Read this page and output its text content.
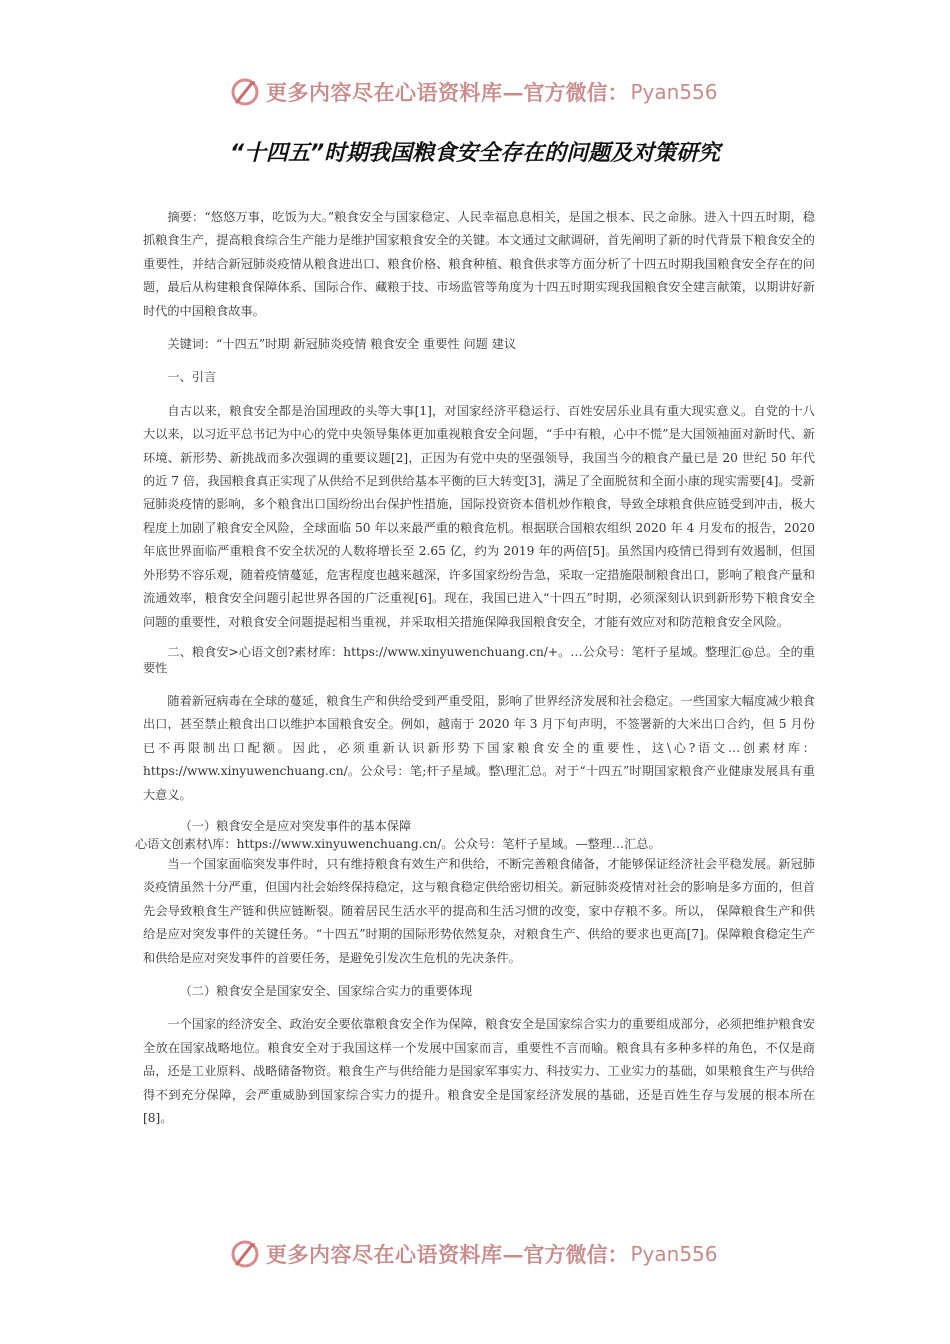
更多内容尽在心语资料库 — 官方微信： Pyan556
“十四五”时期我国粮食安全存在的问题及对策研究

摘要：“悠悠万事，吃饭为大。”粮食安全与国家稳定、人民幸福息息相关，是国之根本、民之命脉。进入十四五时期，稳抓粮食生产，提高粮食综合生产能力是维护国家粮食安全的关键。本文通过文献调研，首先阐明了新的时代背景下粮食安全的重要性，并结合新冠肺炎疫情从粮食进出口、粮食价格、粮食种植、粮食供求等方面分析了十四五时期我国粮食安全存在的问题，最后从构建粮食保障体系、国际合作、藏粮于技、市场监管等角度为十四五时期实现我国粮食安全建言献策，以期讲好新时代的中国粮食故事。

关键词：“十四五”时期 新冠肺炎疫情 粮食安全 重要性 问题 建议

一、引言

自古以来，粮食安全都是治国理政的头等大事[1]，对国家经济平稳运行、百姓安居乐业具有重大现实意义。自党的十八大以来，以习近平总书记为中心的党中央领导集体更加重视粮食安全问题，“手中有粮，心中不慌”是大国领袖面对新时代、新环境、新形势、新挑战而多次强调的重要议题[2]，正因为有党中央的坚强领导，我国当今的粮食产量已是 20 世纪 50 年代的近 7 倍，我国粮食真正实现了从供给不足到供给基本平衡的巨大转变[3]，满足了全面脱贫和全面小康的现实需要[4]。受新冠肺炎疫情的影响，多个粮食出口国纷纷出台保护性措施，国际投资资本借机炒作粮食，导致全球粮食供应链受到冲击，极大程度上加剧了粮食安全风险，全球面临 50 年以来最严重的粮食危机。根据联合国粮农组织 2020 年 4 月发布的报告，2020 年底世界面临严重粮食不安全状况的人数将增长至 2.65 亿，约为 2019 年的两倍[5]。虽然国内疫情已得到有效遏制，但国外形势不容乐观，随着疫情蔓延，危害程度也越来越深，许多国家纷纷告急，采取一定措施限制粮食出口，影响了粮食产量和流通效率，粮食安全问题引起世界各国的广泛重视[6]。现在，我国已进入“十四五”时期，必须深刻认识到新形势下粮食安全问题的重要性，对粮食安全问题提起相当重视，并采取相关措施保障我国粮食安全，才能有效应对和防范粮食安全风险。

二、粮食安>心语文创?素材库：https://www.xinyuwenchuang.cn/+。…公众号：笔杆子星域。整理汇@总。全的重要性

随着新冠病毒在全球的蔓延，粮食生产和供给受到严重受阻，影响了世界经济发展和社会稳定。一些国家大幅度减少粮食出口，甚至禁止粮食出口以维护本国粮食安全。例如，越南于 2020 年 3 月下旬声明，不签署新的大米出口合约，但 5 月份已不再限制出口配额。因此，必须重新认识新形势下国家粮食安全的重要性，这\心?语文…创素材库：https://www.xinyuwenchuang.cn/。公众号：笔;杆子星域。整\理汇总。对于“十四五”时期国家粮食产业健康发展具有重大意义。

（一）粮食安全是应对突发事件的基本保障

心语文创素材\库：https://www.xinyuwenchuang.cn/。公众号：笔杆子星域。—整理…汇总。

当一个国家面临突发事件时，只有维持粮食有效生产和供给，不断完善粮食储备，才能够保证经济社会平稳发展。新冠肺炎疫情虽然十分严重，但国内社会始终保持稳定，这与粮食稳定供给密切相关。新冠肺炎疫情对社会的影响是多方面的，但首先会导致粮食生产链和供应链断裂。随着居民生活水平的提高和生活习惯的改变，家中存粮不多。所以， 保障粮食生产和供给是应对突发事件的关键任务。“十四五”时期的国际形势依然复杂，对粮食生产、供给的要求也更高[7]。保障粮食稳定生产和供给是应对突发事件的首要任务，是避免引发次生危机的先决条件。

（二）粮食安全是国家安全、国家综合实力的重要体现

一个国家的经济安全、政治安全要依靠粮食安全作为保障，粮食安全是国家综合实力的重要组成部分，必须把维护粮食安全放在国家战略地位。粮食安全对于我国这样一个发展中国家而言，重要性不言而喻。粮食具有多种多样的角色，不仅是商品，还是工业原料、战略储备物资。粮食生产与供给能力是国家军事实力、科技实力、工业实力的基础，如果粮食生产与供给得不到充分保障，会严重威胁到国家综合实力的提升。粮食安全是国家经济发展的基础，还是百姓生存与发展的根本所在[8]。

更多内容尽在心语资料库 — 官方微信： Pyan556
